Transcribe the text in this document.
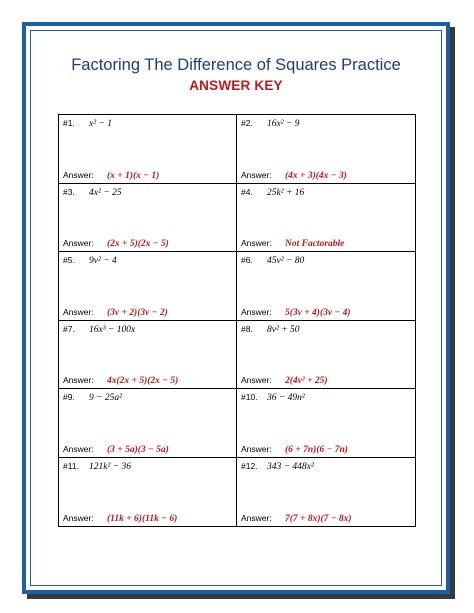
Factoring The Difference of Squares Practice
ANSWER KEY
#1. x² − 1
Answer: (x + 1)(x − 1)
#2. 16x² − 9
Answer: (4x + 3)(4x − 3)
#3. 4x² − 25
Answer: (2x + 5)(2x − 5)
#4. 25k² + 16
Answer: Not Factorable
#5. 9v² − 4
Answer: (3v + 2)(3v − 2)
#6. 45v² − 80
Answer: 5(3v + 4)(3v − 4)
#7. 16x³ − 100x
Answer: 4x(2x + 5)(2x − 5)
#8. 8v² + 50
Answer: 2(4v² + 25)
#9. 9 − 25a²
Answer: (3 + 5a)(3 − 5a)
#10. 36 − 49n²
Answer: (6 + 7n)(6 − 7n)
#11. 121k² − 36
Answer: (11k + 6)(11k − 6)
#12. 343 − 448x²
Answer: 7(7 + 8x)(7 − 8x)
